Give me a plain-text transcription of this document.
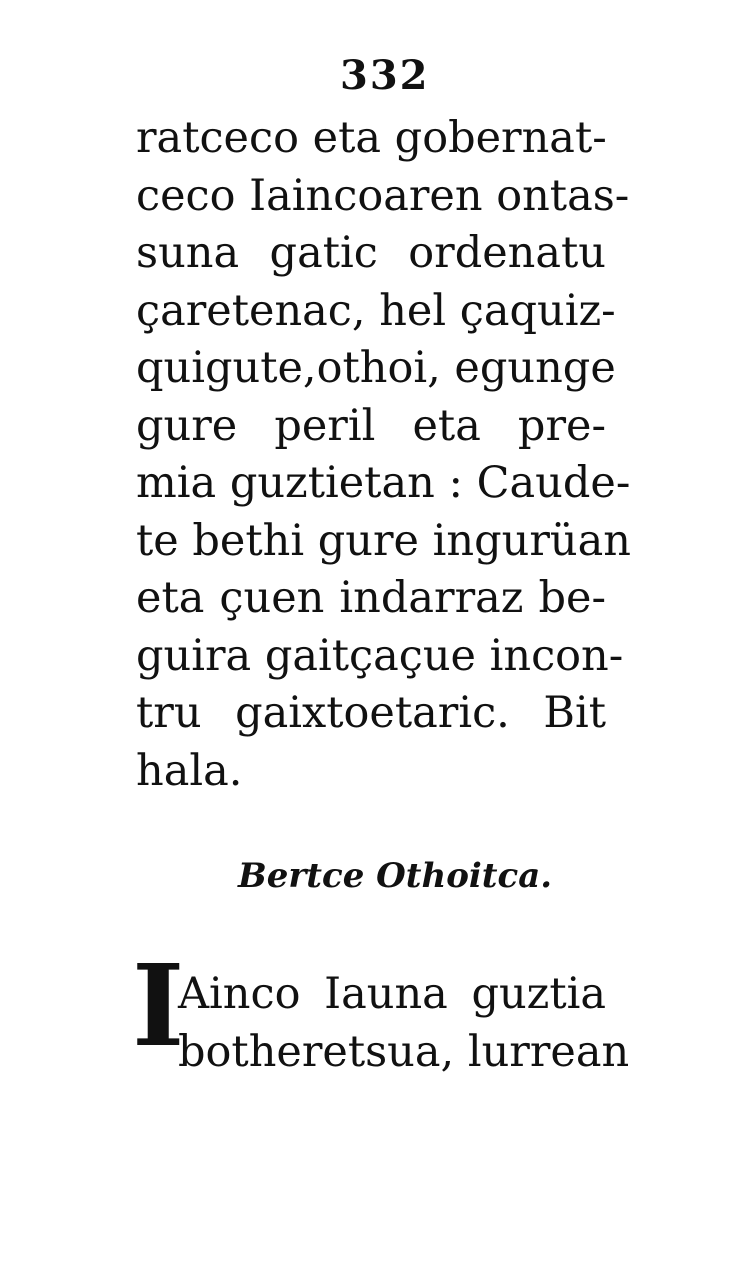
332
ratceco eta gobernat-
ceco Iaincoaren ontas-
suna gatic ordenatu
çaretenac, hel çaquiz-
quigute,othoi, egunge
gure peril eta pre-
mia guztietan : Caude-
te bethi gure ingurüan
eta çuen indarraz be-
guira gaitçaçue incon-
tru gaixtoetaric. Bit
hala.
Bertce Othoitca.
I
Ainco Iauna guztia
botheretsua, lurrean
